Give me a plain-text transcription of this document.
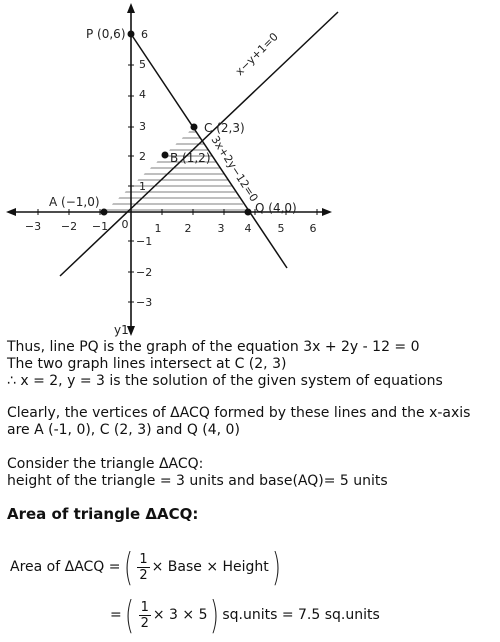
−3 −2 −1 0 1 2 3 4 5 6
1
2
3
4
5
6
−1
−2
−3
P (0,6)
A (−1,0)
B (1,2)
C (2,3)
Q (4,0)
x−y+1=0
3x+2y−12=0
y1
Thus, line PQ is the graph of the equation 3x + 2y - 12 = 0
The two graph lines intersect at C (2, 3)
∴ x = 2, y = 3 is the solution of the given system of equations
Clearly, the vertices of ΔACQ formed by these lines and the x-axis
are A (-1, 0), C (2, 3) and Q (4, 0)
Consider the triangle ΔACQ:
height of the triangle = 3 units and base(AQ)= 5 units
Area of triangle ΔACQ:
Area of ΔACQ = ( $\frac{1}{2}$ × Base × Height )
= ( $\frac{1}{2} \times 3 \times 5$ ) sq.units = 7.5 sq.units
